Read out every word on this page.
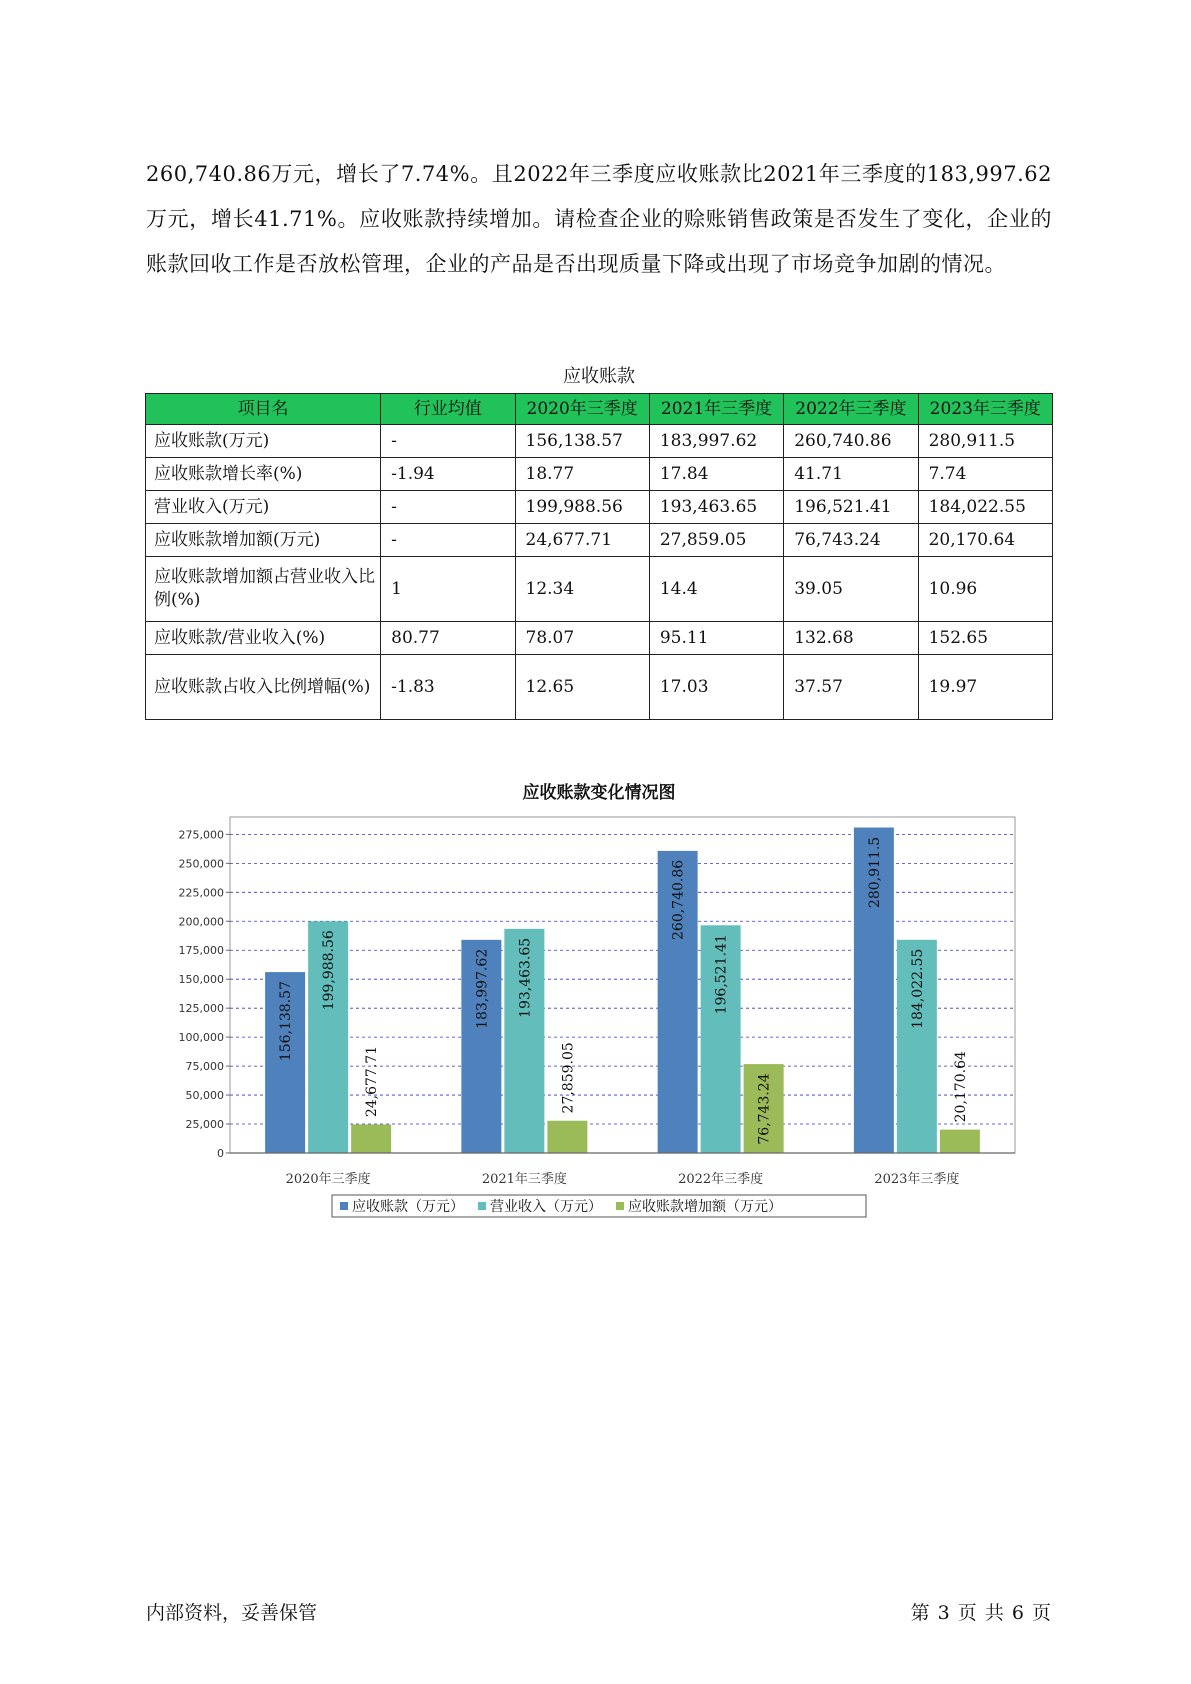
260,740.86万元，增长了7.74%。且2022年三季度应收账款比2021年三季度的183,997.62万元，增长41.71%。应收账款持续增加。请检查企业的赊账销售政策是否发生了变化，企业的账款回收工作是否放松管理，企业的产品是否出现质量下降或出现了市场竞争加剧的情况。

应收账款

项目名	行业均值	2020年三季度	2021年三季度	2022年三季度	2023年三季度
应收账款(万元)	-	156,138.57	183,997.62	260,740.86	280,911.5
应收账款增长率(%)	-1.94	18.77	17.84	41.71	7.74
营业收入(万元)	-	199,988.56	193,463.65	196,521.41	184,022.55
应收账款增加额(万元)	-	24,677.71	27,859.05	76,743.24	20,170.64
应收账款增加额占营业收入比例(%)	1	12.34	14.4	39.05	10.96
应收账款/营业收入(%)	80.77	78.07	95.11	132.68	152.65
应收账款占收入比例增幅(%)	-1.83	12.65	17.03	37.57	19.97

应收账款变化情况图

0
25,000
50,000
75,000
100,000
125,000
150,000
175,000
200,000
225,000
250,000
275,000
156,138.57
199,988.56
24,677.71
2020年三季度
183,997.62 193,463.65
27,859.05
2021年三季度
260,740.86
196,521.41
76,743.24
2022年三季度
280,911.5
184,022.55
20,170.64
2023年三季度
应收账款（万元） 营业收入（万元） 应收账款增加额（万元）

内部资料，妥善保管	第 3 页 共 6 页
